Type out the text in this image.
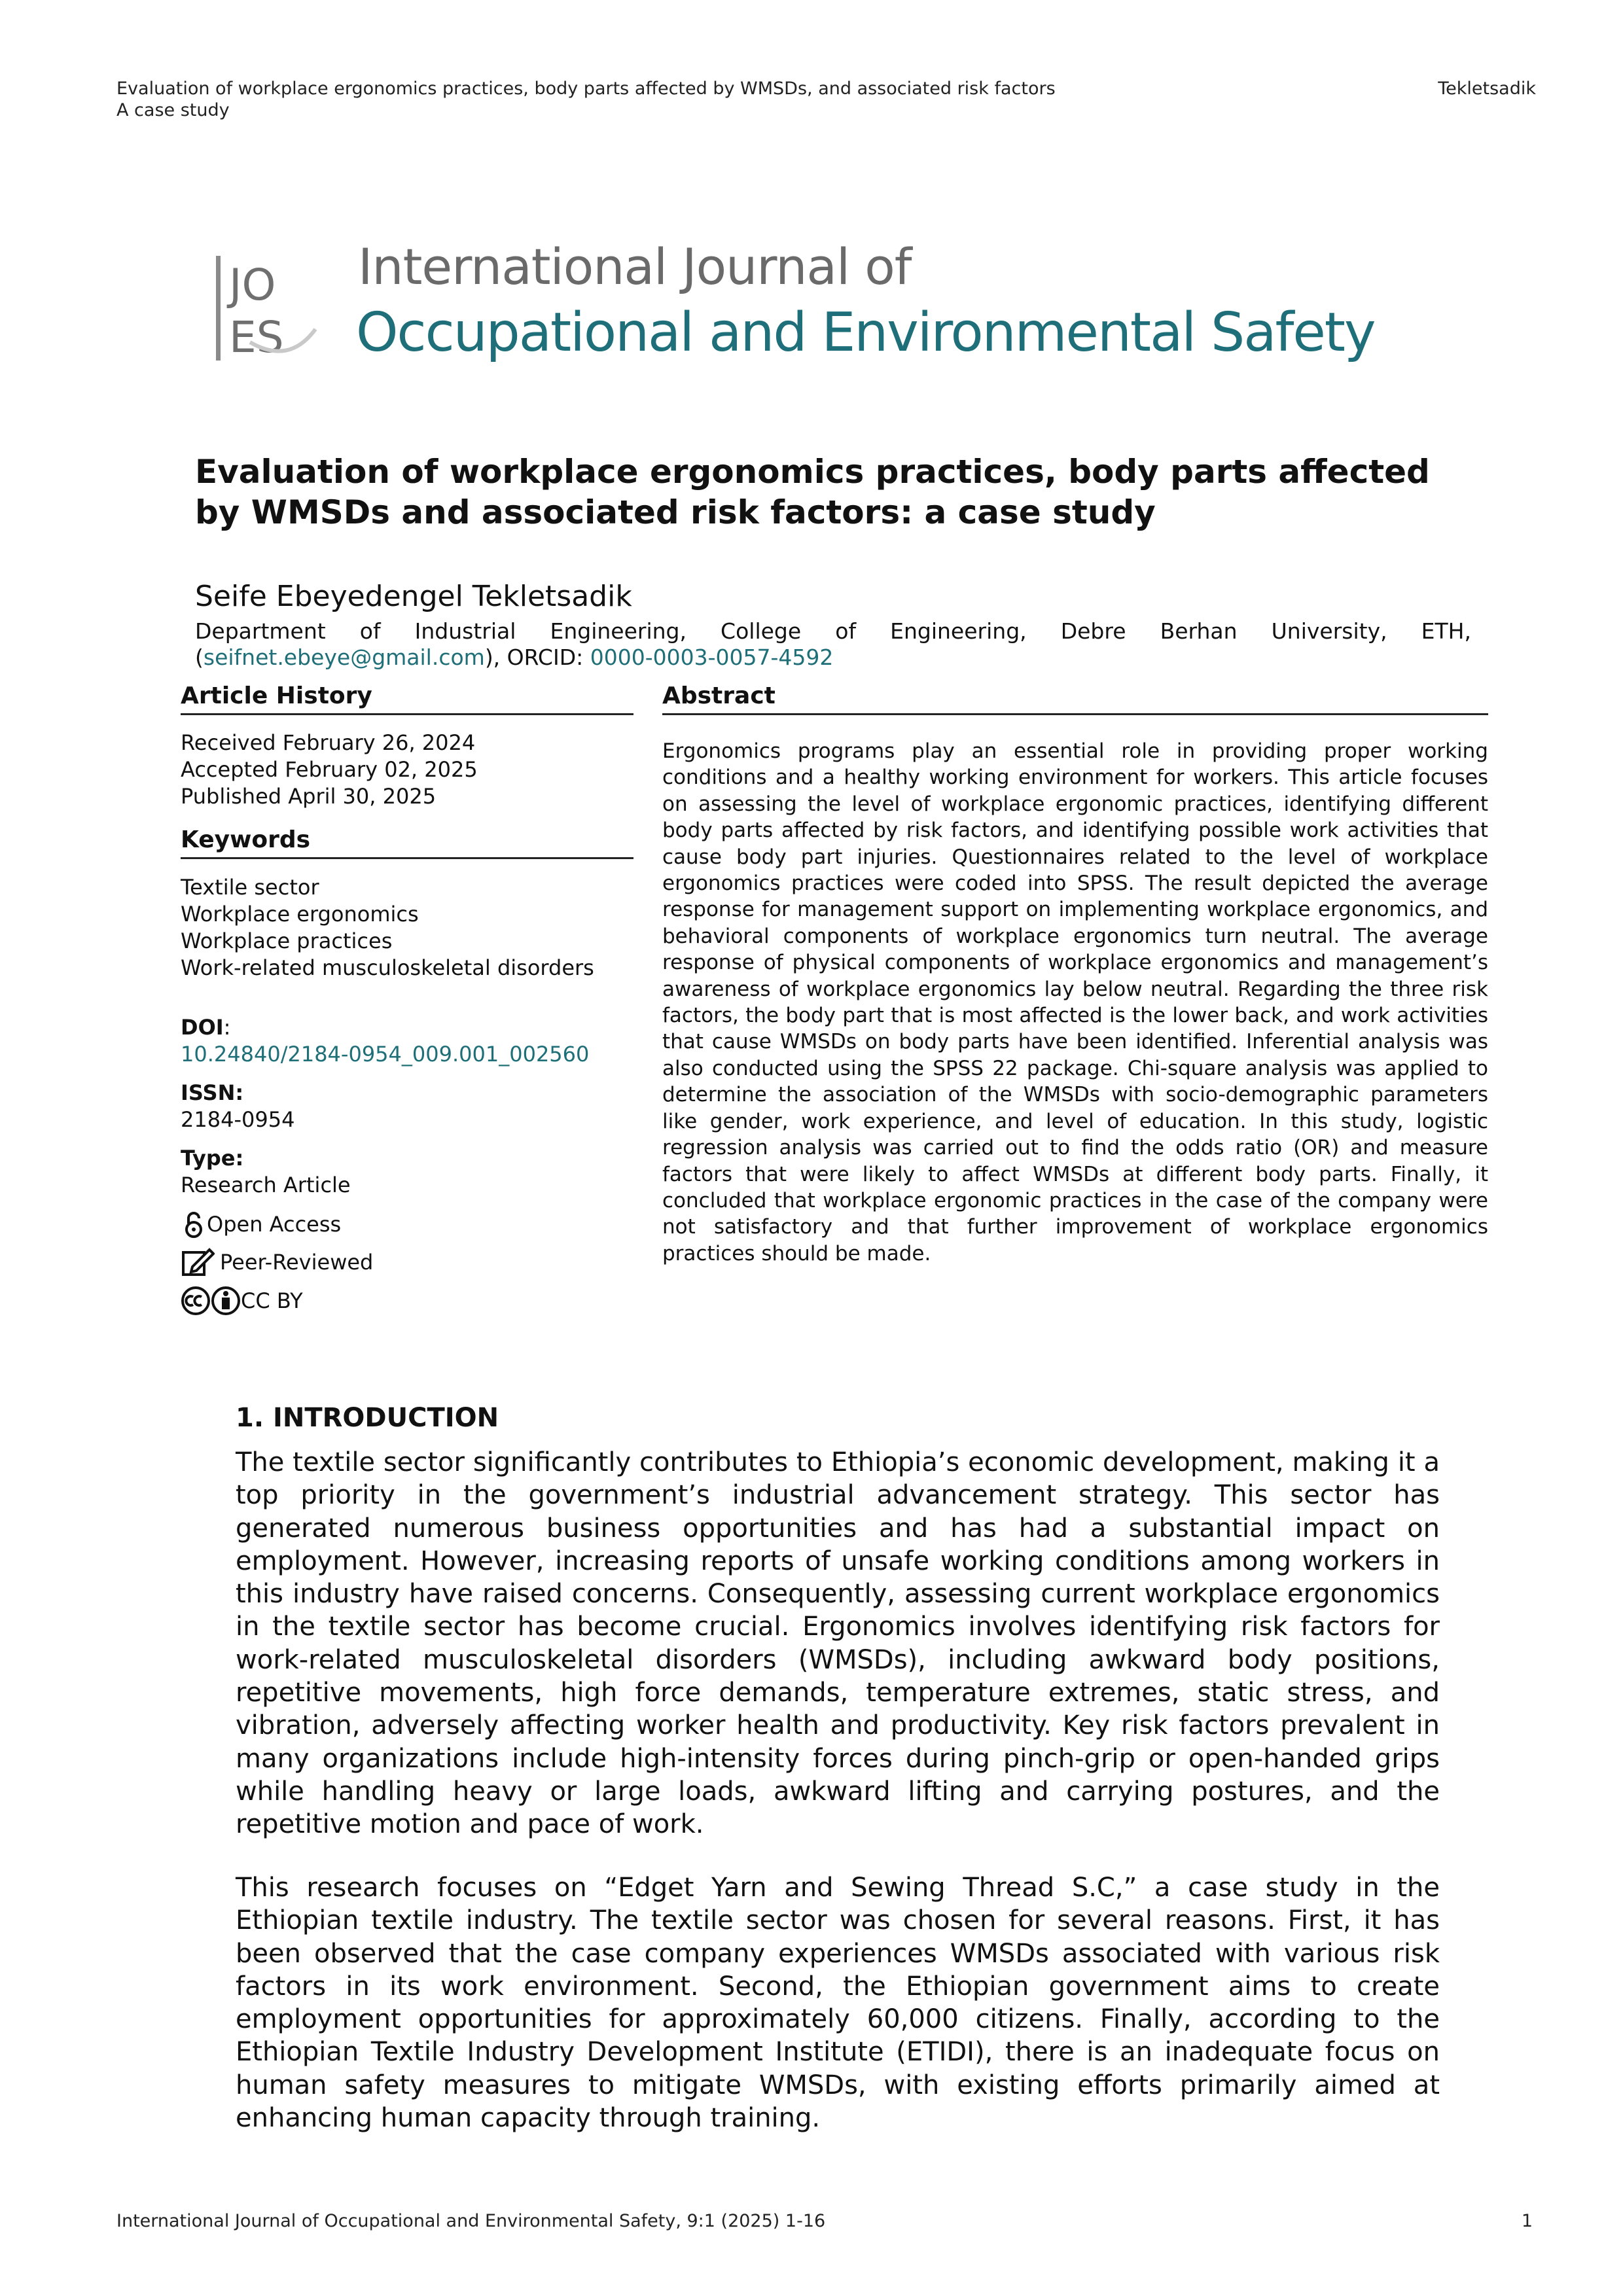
Evaluation of workplace ergonomics practices, body parts affected by WMSDs, and associated risk factors
A case study
Tekletsadik
JO
ES
International Journal of
Occupational and Environmental Safety
Evaluation of workplace ergonomics practices, body parts affected by WMSDs and associated risk factors: a case study
Seife Ebeyedengel Tekletsadik
Department of Industrial Engineering, College of Engineering, Debre Berhan University, ETH,
(seifnet.ebeye@gmail.com), ORCID: 0000-0003-0057-4592
Article History
Received February 26, 2024
Accepted February 02, 2025
Published April 30, 2025
Keywords
Textile sector
Workplace ergonomics
Workplace practices
Work-related musculoskeletal disorders
DOI:
10.24840/2184-0954_009.001_002560
ISSN:
2184-0954
Type:
Research Article
Open Access
Peer-Reviewed
CC BY
Abstract
Ergonomics programs play an essential role in providing proper working conditions and a healthy working environment for workers. This article focuses on assessing the level of workplace ergonomic practices, identifying different body parts affected by risk factors, and identifying possible work activities that cause body part injuries. Questionnaires related to the level of workplace ergonomics practices were coded into SPSS. The result depicted the average response for management support on implementing workplace ergonomics, and behavioral components of workplace ergonomics turn neutral. The average response of physical components of workplace ergonomics and management’s awareness of workplace ergonomics lay below neutral. Regarding the three risk factors, the body part that is most affected is the lower back, and work activities that cause WMSDs on body parts have been identified. Inferential analysis was also conducted using the SPSS 22 package. Chi-square analysis was applied to determine the association of the WMSDs with socio-demographic parameters like gender, work experience, and level of education. In this study, logistic regression analysis was carried out to find the odds ratio (OR) and measure factors that were likely to affect WMSDs at different body parts. Finally, it concluded that workplace ergonomic practices in the case of the company were not satisfactory and that further improvement of workplace ergonomics practices should be made.
1. INTRODUCTION
The textile sector significantly contributes to Ethiopia’s economic development, making it a top priority in the government’s industrial advancement strategy. This sector has generated numerous business opportunities and has had a substantial impact on employment. However, increasing reports of unsafe working conditions among workers in this industry have raised concerns. Consequently, assessing current workplace ergonomics in the textile sector has become crucial. Ergonomics involves identifying risk factors for work-related musculoskeletal disorders (WMSDs), including awkward body positions, repetitive movements, high force demands, temperature extremes, static stress, and vibration, adversely affecting worker health and productivity. Key risk factors prevalent in many organizations include high-intensity forces during pinch-grip or open-handed grips while handling heavy or large loads, awkward lifting and carrying postures, and the repetitive motion and pace of work.
This research focuses on “Edget Yarn and Sewing Thread S.C,” a case study in the Ethiopian textile industry. The textile sector was chosen for several reasons. First, it has been observed that the case company experiences WMSDs associated with various risk factors in its work environment. Second, the Ethiopian government aims to create employment opportunities for approximately 60,000 citizens. Finally, according to the Ethiopian Textile Industry Development Institute (ETIDI), there is an inadequate focus on human safety measures to mitigate WMSDs, with existing efforts primarily aimed at enhancing human capacity through training.
International Journal of Occupational and Environmental Safety, 9:1 (2025) 1-16	1
